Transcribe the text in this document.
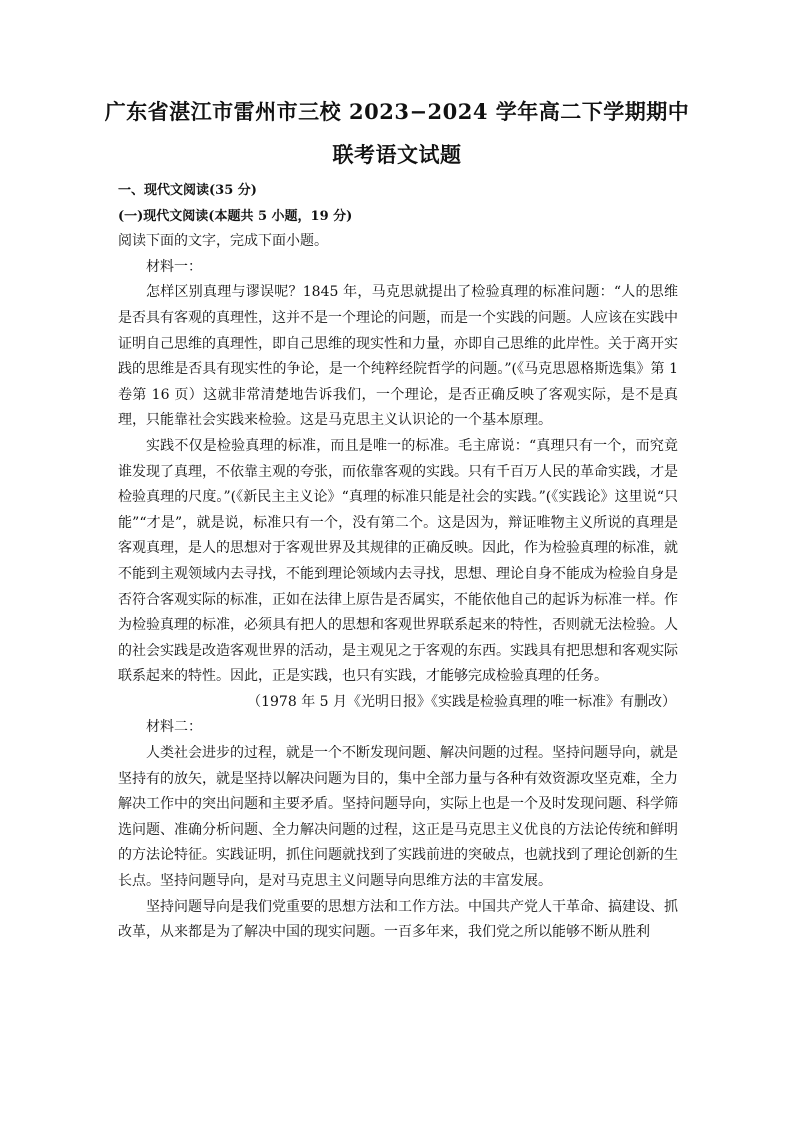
广东省湛江市雷州市三校 2023−2024 学年高二下学期期中
联考语文试题

一、现代文阅读(35 分)

(一)现代文阅读(本题共 5 小题，19 分)

阅读下面的文字，完成下面小题。

材料一：

怎样区别真理与谬误呢？1845 年，马克思就提出了检验真理的标准问题：“人的思维是否具有客观的真理性，这并不是一个理论的问题，而是一个实践的问题。人应该在实践中证明自己思维的真理性，即自己思维的现实性和力量，亦即自己思维的此岸性。关于离开实践的思维是否具有现实性的争论，是一个纯粹经院哲学的问题。”(《马克思恩格斯选集》第 1 卷第 16 页）这就非常清楚地告诉我们，一个理论，是否正确反映了客观实际，是不是真理，只能靠社会实践来检验。这是马克思主义认识论的一个基本原理。

实践不仅是检验真理的标准，而且是唯一的标准。毛主席说：“真理只有一个，而究竟谁发现了真理，不依靠主观的夸张，而依靠客观的实践。只有千百万人民的革命实践，才是检验真理的尺度。”(《新民主主义论》“真理的标准只能是社会的实践。”(《实践论》这里说“只能”“才是”，就是说，标准只有一个，没有第二个。这是因为，辩证唯物主义所说的真理是客观真理，是人的思想对于客观世界及其规律的正确反映。因此，作为检验真理的标准，就不能到主观领域内去寻找，不能到理论领域内去寻找，思想、理论自身不能成为检验自身是否符合客观实际的标准，正如在法律上原告是否属实，不能依他自己的起诉为标准一样。作为检验真理的标准，必须具有把人的思想和客观世界联系起来的特性，否则就无法检验。人的社会实践是改造客观世界的活动，是主观见之于客观的东西。实践具有把思想和客观实际联系起来的特性。因此，正是实践，也只有实践，才能够完成检验真理的任务。

（1978 年 5 月《光明日报》《实践是检验真理的唯一标准》有删改）

材料二：

人类社会进步的过程，就是一个不断发现问题、解决问题的过程。坚持问题导向，就是坚持有的放矢，就是坚持以解决问题为目的，集中全部力量与各种有效资源攻坚克难，全力解决工作中的突出问题和主要矛盾。坚持问题导向，实际上也是一个及时发现问题、科学筛选问题、准确分析问题、全力解决问题的过程，这正是马克思主义优良的方法论传统和鲜明的方法论特征。实践证明，抓住问题就找到了实践前进的突破点，也就找到了理论创新的生长点。坚持问题导向，是对马克思主义问题导向思维方法的丰富发展。

坚持问题导向是我们党重要的思想方法和工作方法。中国共产党人干革命、搞建设、抓改革，从来都是为了解决中国的现实问题。一百多年来，我们党之所以能够不断从胜利
